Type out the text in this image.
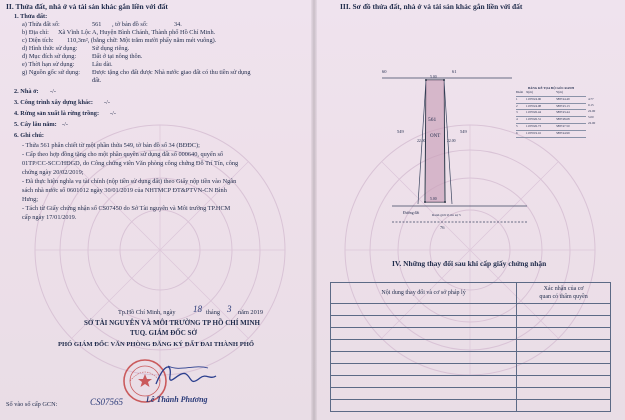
II. Thửa đất, nhà ở và tài sản khác gắn liền với đất
1. Thửa đất:
a) Thửa đất số:	561 , tờ bản đồ số:	34.
b) Địa chỉ: Xã Vĩnh Lộc A, Huyện Bình Chánh, Thành phố Hồ Chí Minh.
c) Diện tích: 110,3m², (bằng chữ: Một trăm mười phẩy năm mét vuông).
d) Hình thức sử dụng: Sử dụng riêng.
đ) Mục đích sử dụng:	Đất ở tại nông thôn.
e) Thời hạn sử dụng:	Lâu dài.
g) Nguồn gốc sử dụng: Được tặng cho đất được Nhà nước giao đất có thu tiền sử dụng
đất.
2. Nhà ở: -/-
3. Công trình xây dựng khác: -/-
4. Rừng sản xuất là rừng trồng: -/-
5. Cây lâu năm: -/-
6. Ghi chú:
- Thửa 561 phân chiết từ một phần thửa 549, tờ bản đồ số 34 (BĐĐC);
- Cấp theo hợp đồng tặng cho một phần quyền sử dụng đất số 000640, quyển số
01TP/CC-SCC/HĐGD, do Công chứng viên Văn phòng công chứng Đỗ Trí Tín, công
chứng ngày 20/02/2019;
- Đã thực hiện nghĩa vụ tài chính (nộp tiền sử dụng đất) theo Giấy nộp tiền vào Ngân
sách nhà nước số 0601012 ngày 30/01/2019 của NHTMCP ĐT&PTVN-CN Bình
Hưng;
- Tách từ Giấy chứng nhận số CS07450 do Sở Tài nguyên và Môi trường TP.HCM
cấp ngày 17/01/2019.
Tp.Hồ Chí Minh, ngày 18 tháng 3 năm 2019
SỞ TÀI NGUYÊN VÀ MÔI TRƯỜNG TP HỒ CHÍ MINH
TUQ. GIÁM ĐỐC SỞ
PHÓ GIÁM ĐỐC VĂN PHÒNG ĐĂNG KÝ ĐẤT ĐAI THÀNH PHỐ
Lê Thành Phương
Số vào sổ cấp GCN:	CS07565
III. Sơ đồ thửa đất, nhà ở và tài sản khác gắn liền với đất
561
ONT
60	61
549	549
76
Đường đất	Ranh giới lộ tín sự 5
5.00
22.00	22.00
5.00
BẢNG KÊ TỌA ĐỘ GÓC RANH
Điểm X(m)	Y(m)
1	1197024.06	588744.49
2	1197024.08	588743.13
3	1197026.44	588743.44
4	1197026.31	588748.68
5	1197026.73	588747.50
6	1197019.16	588744.99
4.77
0.15
22.00
5.00
22.00
IV. Những thay đổi sau khi cấp giấy chứng nhận
Nội dung thay đổi và cơ sở pháp lý	Xác nhận của cơ
quan có thẩm quyền
